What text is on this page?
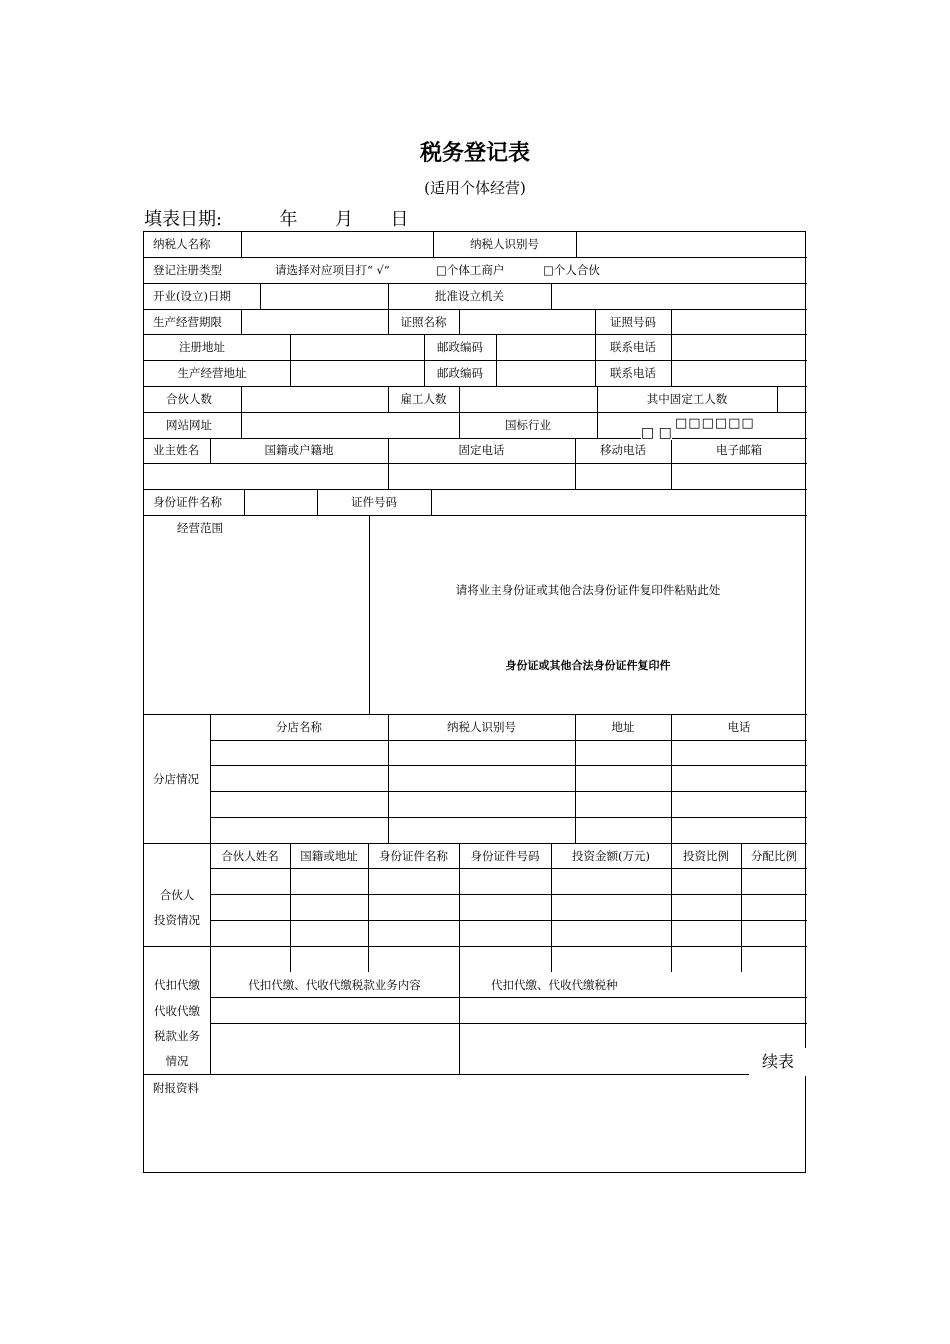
税务登记表
(适用个体经营)
填表日期:	年 月 日
纳税人名称	纳税人识别号
登记注册类型	请选择对应项目打“ √”	□个体工商户	□个人合伙
开业(设立)日期	批准设立机关
生产经营期限	证照名称	证照号码
注册地址	邮政编码	联系电话
生产经营地址	邮政编码	联系电话
合伙人数	雇工人数	其中固定工人数
网站网址	国标行业	□□□□□□
□ □
业主姓名	国籍或户籍地	固定电话	移动电话	电子邮箱
身份证件名称	证件号码
经营范围
请将业主身份证或其他合法身份证件复印件粘贴此处
身份证或其他合法身份证件复印件
分店情况
分店名称	纳税人识别号	地址	电话
合伙人
投资情况
合伙人姓名	国籍或地址	身份证件名称	身份证件号码	投资金额(万元)	投资比例	分配比例
代扣代缴
代收代缴
税款业务
情况
代扣代缴、代收代缴税款业务内容	代扣代缴、代收代缴税种
附报资料
续表
